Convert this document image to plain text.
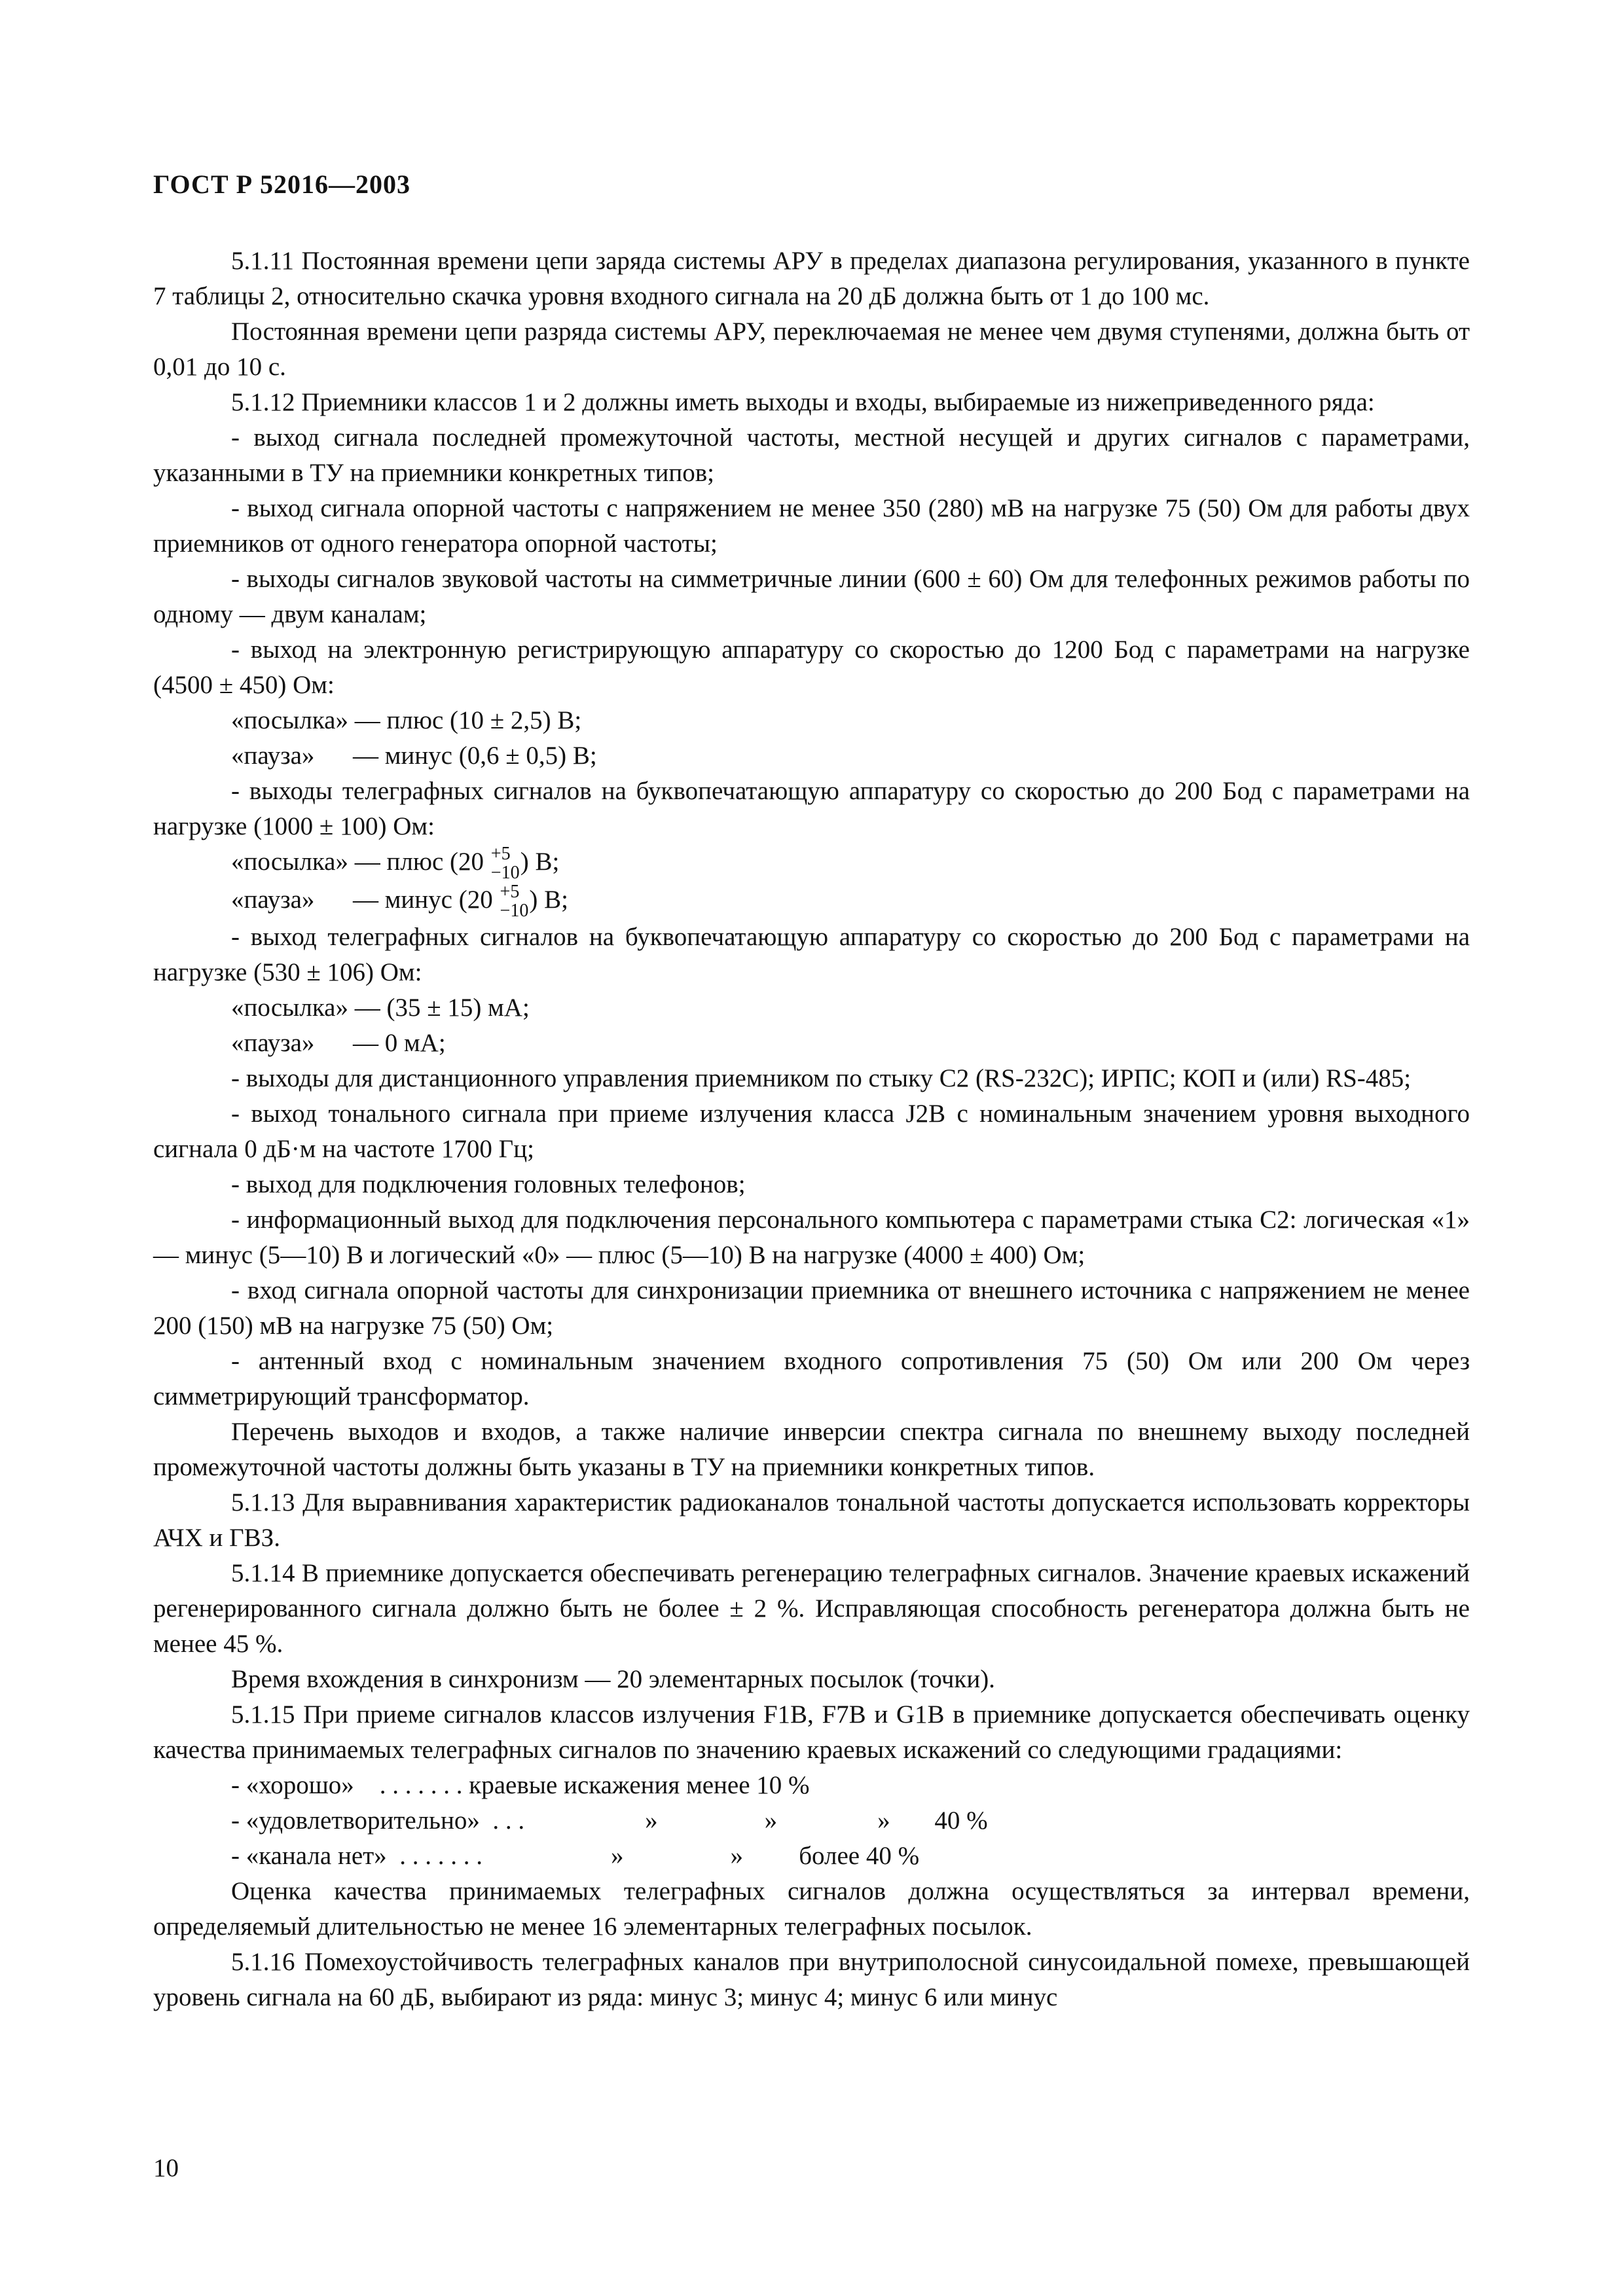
ГОСТ Р 52016—2003

5.1.11 Постоянная времени цепи заряда системы АРУ в пределах диапазона регулирования, указанного в пункте 7 таблицы 2, относительно скачка уровня входного сигнала на 20 дБ должна быть от 1 до 100 мс.

Постоянная времени цепи разряда системы АРУ, переключаемая не менее чем двумя ступенями, должна быть от 0,01 до 10 с.

5.1.12 Приемники классов 1 и 2 должны иметь выходы и входы, выбираемые из нижеприведенного ряда:

- выход сигнала последней промежуточной частоты, местной несущей и других сигналов с параметрами, указанными в ТУ на приемники конкретных типов;

- выход сигнала опорной частоты с напряжением не менее 350 (280) мВ на нагрузке 75 (50) Ом для работы двух приемников от одного генератора опорной частоты;

- выходы сигналов звуковой частоты на симметричные линии (600 ± 60) Ом для телефонных режимов работы по одному — двум каналам;

- выход на электронную регистрирующую аппаратуру со скоростью до 1200 Бод с параметрами на нагрузке (4500 ± 450) Ом:

«посылка» — плюс (10 ± 2,5) В;

«пауза» — минус (0,6 ± 0,5) В;

- выходы телеграфных сигналов на буквопечатающую аппаратуру со скоростью до 200 Бод с параметрами на нагрузке (1000 ± 100) Ом:

«посылка» — плюс (20 +5
−10 ) В;

«пауза» — минус (20 +5
−10 ) В;

- выход телеграфных сигналов на буквопечатающую аппаратуру со скоростью до 200 Бод с параметрами на нагрузке (530 ± 106) Ом:

«посылка» — (35 ± 15) мА;

«пауза» — 0 мА;

- выходы для дистанционного управления приемником по стыку С2 (RS-232C); ИРПС; КОП и (или) RS-485;

- выход тонального сигнала при приеме излучения класса J2B с номинальным значением уровня выходного сигнала 0 дБ·м на частоте 1700 Гц;

- выход для подключения головных телефонов;

- информационный выход для подключения персонального компьютера с параметрами стыка С2: логическая «1» — минус (5—10) В и логический «0» — плюс (5—10) В на нагрузке (4000 ± 400) Ом;

- вход сигнала опорной частоты для синхронизации приемника от внешнего источника с напряжением не менее 200 (150) мВ на нагрузке 75 (50) Ом;

- антенный вход с номинальным значением входного сопротивления 75 (50) Ом или 200 Ом через симметрирующий трансформатор.

Перечень выходов и входов, а также наличие инверсии спектра сигнала по внешнему выходу последней промежуточной частоты должны быть указаны в ТУ на приемники конкретных типов.

5.1.13 Для выравнивания характеристик радиоканалов тональной частоты допускается использовать корректоры АЧХ и ГВЗ.

5.1.14 В приемнике допускается обеспечивать регенерацию телеграфных сигналов. Значение краевых искажений регенерированного сигнала должно быть не более ± 2 %. Исправляющая способность регенератора должна быть не менее 45 %.

Время вхождения в синхронизм — 20 элементарных посылок (точки).

5.1.15 При приеме сигналов классов излучения F1B, F7B и G1B в приемнике допускается обеспечивать оценку качества принимаемых телеграфных сигналов по значению краевых искажений со следующими градациями:

- «хорошо» . . . . . . . краевые искажения менее 10 %

- «удовлетворительно» . . .	»	»	» 40 %

- «канала нет» . . . . . . .	»	» более 40 %

Оценка качества принимаемых телеграфных сигналов должна осуществляться за интервал времени, определяемый длительностью не менее 16 элементарных телеграфных посылок.

5.1.16 Помехоустойчивость телеграфных каналов при внутриполосной синусоидальной помехе, превышающей уровень сигнала на 60 дБ, выбирают из ряда: минус 3; минус 4; минус 6 или минус

10
